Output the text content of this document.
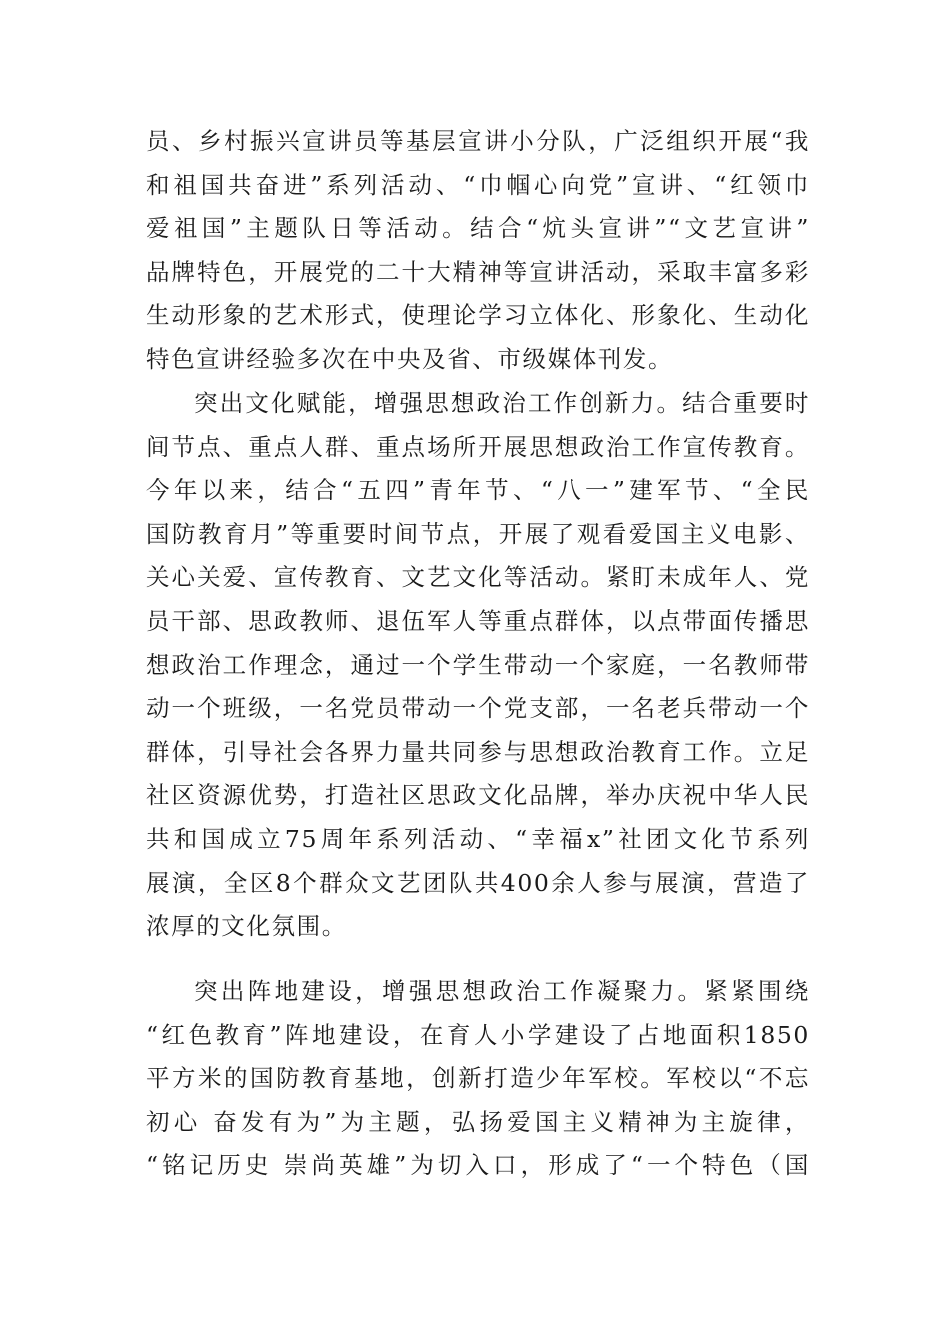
员、乡村振兴宣讲员等基层宣讲小分队，广泛组织开展“我
和祖国共奋进”系列活动、“巾帼心向党”宣讲、“红领巾
爱祖国”主题队日等活动。结合“炕头宣讲”“文艺宣讲”
品牌特色，开展党的二十大精神等宣讲活动，采取丰富多彩
生动形象的艺术形式，使理论学习立体化、形象化、生动化
特色宣讲经验多次在中央及省、市级媒体刊发。
突出文化赋能，增强思想政治工作创新力。结合重要时
间节点、重点人群、重点场所开展思想政治工作宣传教育。
今年以来，结合“五四”青年节、“八一”建军节、“全民
国防教育月”等重要时间节点，开展了观看爱国主义电影、
关心关爱、宣传教育、文艺文化等活动。紧盯未成年人、党
员干部、思政教师、退伍军人等重点群体，以点带面传播思
想政治工作理念，通过一个学生带动一个家庭，一名教师带
动一个班级，一名党员带动一个党支部，一名老兵带动一个
群体，引导社会各界力量共同参与思想政治教育工作。立足
社区资源优势，打造社区思政文化品牌，举办庆祝中华人民
共和国成立75周年系列活动、“幸福x”社团文化节系列
展演，全区8个群众文艺团队共400余人参与展演，营造了
浓厚的文化氛围。
突出阵地建设，增强思想政治工作凝聚力。紧紧围绕
“红色教育”阵地建设，在育人小学建设了占地面积1850
平方米的国防教育基地，创新打造少年军校。军校以“不忘
初心 奋发有为”为主题，弘扬爱国主义精神为主旋律，
“铭记历史 崇尚英雄”为切入口，形成了“一个特色（国
